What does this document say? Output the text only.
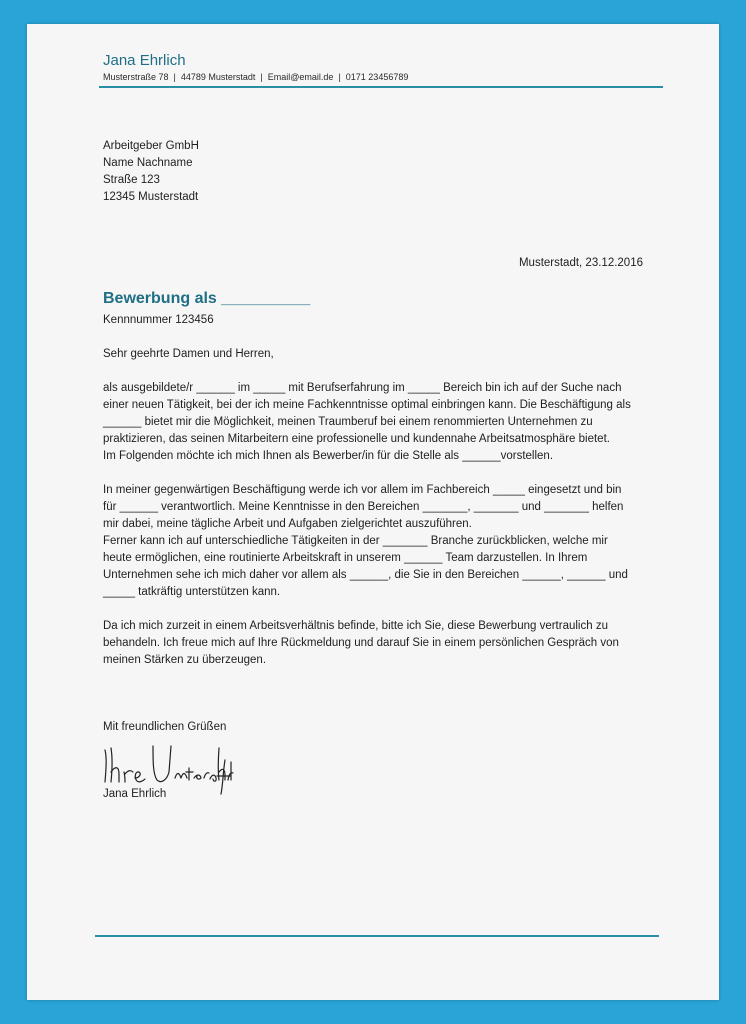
Jana Ehrlich
Musterstraße 78 | 44789 Musterstadt | Email@email.de | 0171 23456789
Arbeitgeber GmbH
Name Nachname
Straße 123
12345 Musterstadt
Musterstadt, 23.12.2016
Bewerbung als __________
Kennnummer 123456

Sehr geehrte Damen und Herren,

als ausgebildete/r ______ im _____ mit Berufserfahrung im _____ Bereich bin ich auf der Suche nach
einer neuen Tätigkeit, bei der ich meine Fachkenntnisse optimal einbringen kann. Die Beschäftigung als
______ bietet mir die Möglichkeit, meinen Traumberuf bei einem renommierten Unternehmen zu
praktizieren, das seinen Mitarbeitern eine professionelle und kundennahe Arbeitsatmosphäre bietet.
Im Folgenden möchte ich mich Ihnen als Bewerber/in für die Stelle als ______vorstellen.

In meiner gegenwärtigen Beschäftigung werde ich vor allem im Fachbereich _____ eingesetzt und bin
für ______ verantwortlich. Meine Kenntnisse in den Bereichen _______, _______ und _______ helfen
mir dabei, meine tägliche Arbeit und Aufgaben zielgerichtet auszuführen.
Ferner kann ich auf unterschiedliche Tätigkeiten in der _______ Branche zurückblicken, welche mir
heute ermöglichen, eine routinierte Arbeitskraft in unserem ______ Team darzustellen. In Ihrem
Unternehmen sehe ich mich daher vor allem als ______, die Sie in den Bereichen ______, ______ und
_____ tatkräftig unterstützen kann.

Da ich mich zurzeit in einem Arbeitsverhältnis befinde, bitte ich Sie, diese Bewerbung vertraulich zu
behandeln. Ich freue mich auf Ihre Rückmeldung und darauf Sie in einem persönlichen Gespräch von
meinen Stärken zu überzeugen.

Mit freundlichen Grüßen
Jana Ehrlich
